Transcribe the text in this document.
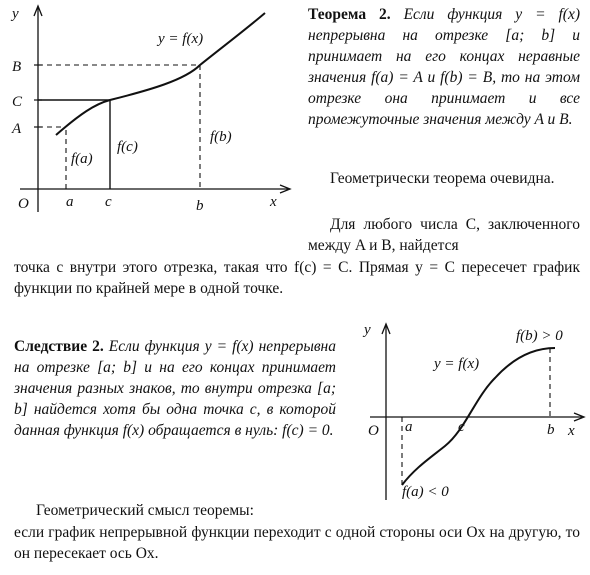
y
x
O
y = f(x)
B
C
A
a c	b
f(a)
f(c)
f(b)

Теорема 2. Если функция y = f(x) непрерывна на отрезке [a; b] и принимает на его концах неравные значения f(a) = A и f(b) = B, то на этом отрезке она принимает и все промежуточные значения между A и B.

Геометрически теорема очевидна.

Для любого числа C, заключенного между A и B, найдется

точка c внутри этого отрезка, такая что f(c) = C. Прямая y = C пересечет график функции по крайней мере в одной точке.

Следствие 2. Если функция y = f(x) непрерывна на отрезке [a; b] и на его концах принимает значения разных знаков, то внутри отрезка [a; b] найдется хотя бы одна точка c, в которой данная функция f(x) обращается в нуль: f(c) = 0.

y
x
O
y = f(x)
a	c	b
f(b) > 0
f(a) < 0

Геометрический смысл теоремы:

если график непрерывной функции переходит с одной стороны оси Ox на другую, то он пересекает ось Ox.
